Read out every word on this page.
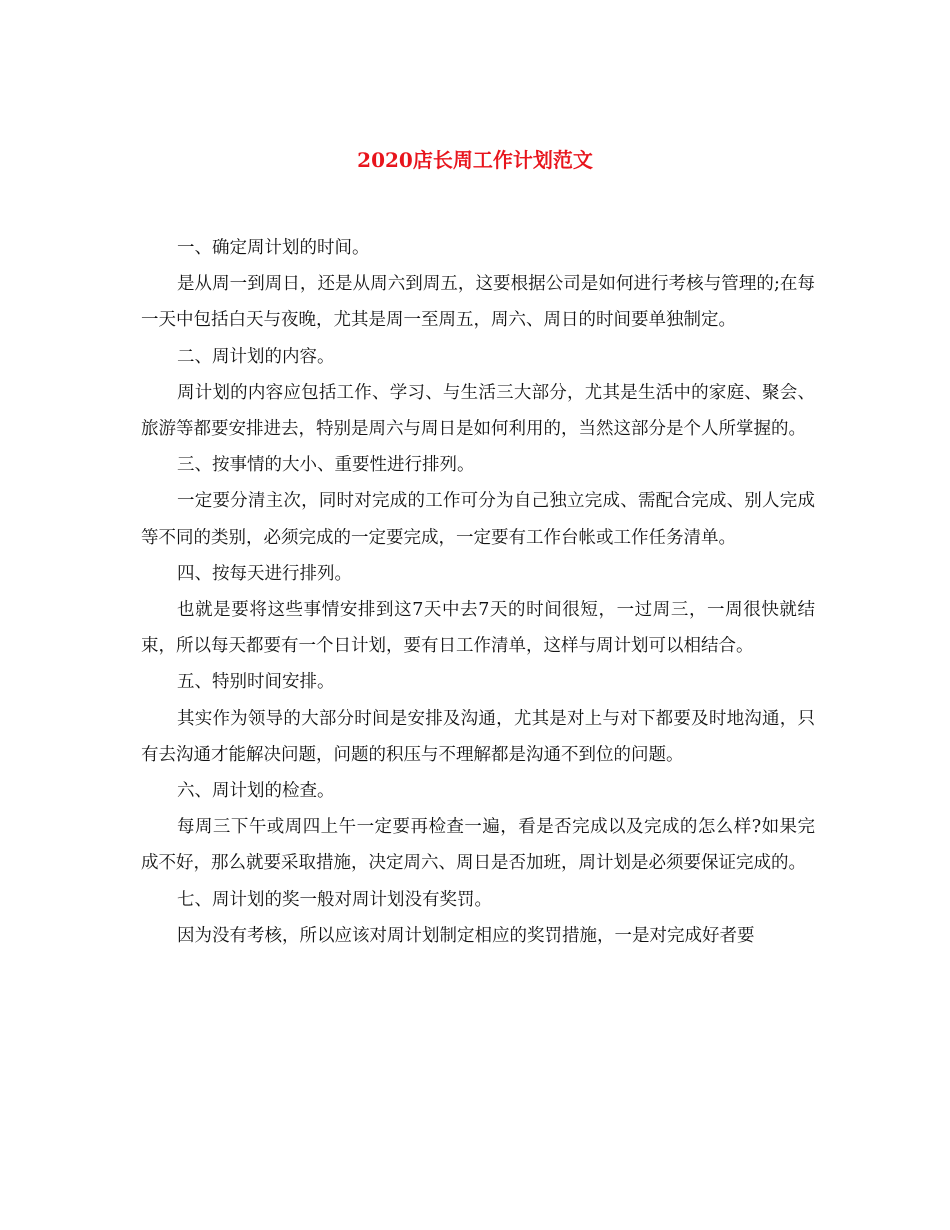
2020店长周工作计划范文

一、确定周计划的时间。

是从周一到周日，还是从周六到周五，这要根据公司是如何进行考核与管理的;在每一天中包括白天与夜晚，尤其是周一至周五，周六、周日的时间要单独制定。

二、周计划的内容。

周计划的内容应包括工作、学习、与生活三大部分，尤其是生活中的家庭、聚会、旅游等都要安排进去，特别是周六与周日是如何利用的，当然这部分是个人所掌握的。

三、按事情的大小、重要性进行排列。

一定要分清主次，同时对完成的工作可分为自己独立完成、需配合完成、别人完成等不同的类别，必须完成的一定要完成，一定要有工作台帐或工作任务清单。

四、按每天进行排列。

也就是要将这些事情安排到这7天中去7天的时间很短，一过周三，一周很快就结束，所以每天都要有一个日计划，要有日工作清单，这样与周计划可以相结合。

五、特别时间安排。

其实作为领导的大部分时间是安排及沟通，尤其是对上与对下都要及时地沟通，只有去沟通才能解决问题，问题的积压与不理解都是沟通不到位的问题。

六、周计划的检查。

每周三下午或周四上午一定要再检查一遍，看是否完成以及完成的怎么样?如果完成不好，那么就要采取措施，决定周六、周日是否加班，周计划是必须要保证完成的。

七、周计划的奖一般对周计划没有奖罚。

因为没有考核，所以应该对周计划制定相应的奖罚措施，一是对完成好者要
